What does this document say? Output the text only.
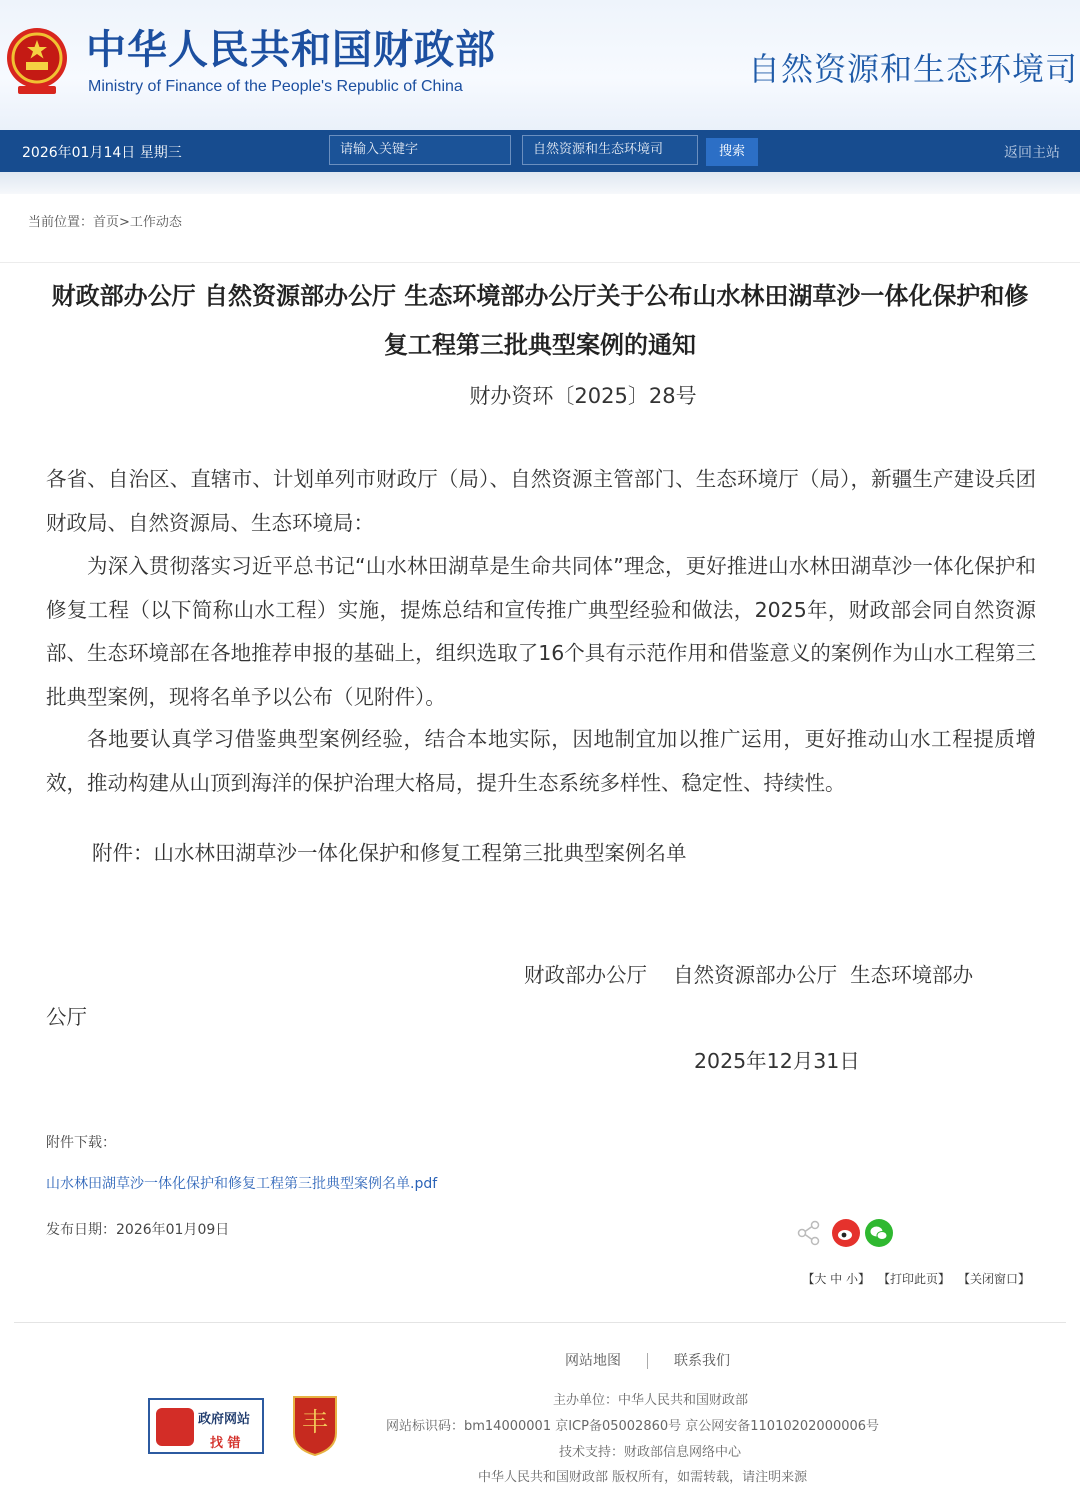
中华人民共和国财政部
Ministry of Finance of the People's Republic of China	自然资源和生态环境司
2026年01月14日 星期三	请输入关键字	自然资源和生态环境司	搜索	返回主站
当前位置：首页>工作动态
财政部办公厅 自然资源部办公厅 生态环境部办公厅关于公布山水林田湖草沙一体化保护和修复工程第三批典型案例的通知
财办资环〔2025〕28号
各省、自治区、直辖市、计划单列市财政厅（局）、自然资源主管部门、生态环境厅（局），新疆生产建设兵团财政局、自然资源局、生态环境局：
为深入贯彻落实习近平总书记“山水林田湖草是生命共同体”理念，更好推进山水林田湖草沙一体化保护和修复工程（以下简称山水工程）实施，提炼总结和宣传推广典型经验和做法，2025年，财政部会同自然资源部、生态环境部在各地推荐申报的基础上，组织选取了16个具有示范作用和借鉴意义的案例作为山水工程第三批典型案例，现将名单予以公布（见附件）。
各地要认真学习借鉴典型案例经验，结合本地实际，因地制宜加以推广运用，更好推动山水工程提质增效，推动构建从山顶到海洋的保护治理大格局，提升生态系统多样性、稳定性、持续性。
附件：山水林田湖草沙一体化保护和修复工程第三批典型案例名单
财政部办公厅    自然资源部办公厅  生态环境部办
公厅
2025年12月31日
附件下载：
山水林田湖草沙一体化保护和修复工程第三批典型案例名单.pdf
发布日期：2026年01月09日
【大 中 小】 【打印此页】 【关闭窗口】
网站地图	联系我们
政府网站
找 错
丰
主办单位：中华人民共和国财政部
网站标识码：bm14000001 京ICP备05002860号 京公网安备11010202000006号
技术支持：财政部信息网络中心
中华人民共和国财政部 版权所有，如需转载，请注明来源
